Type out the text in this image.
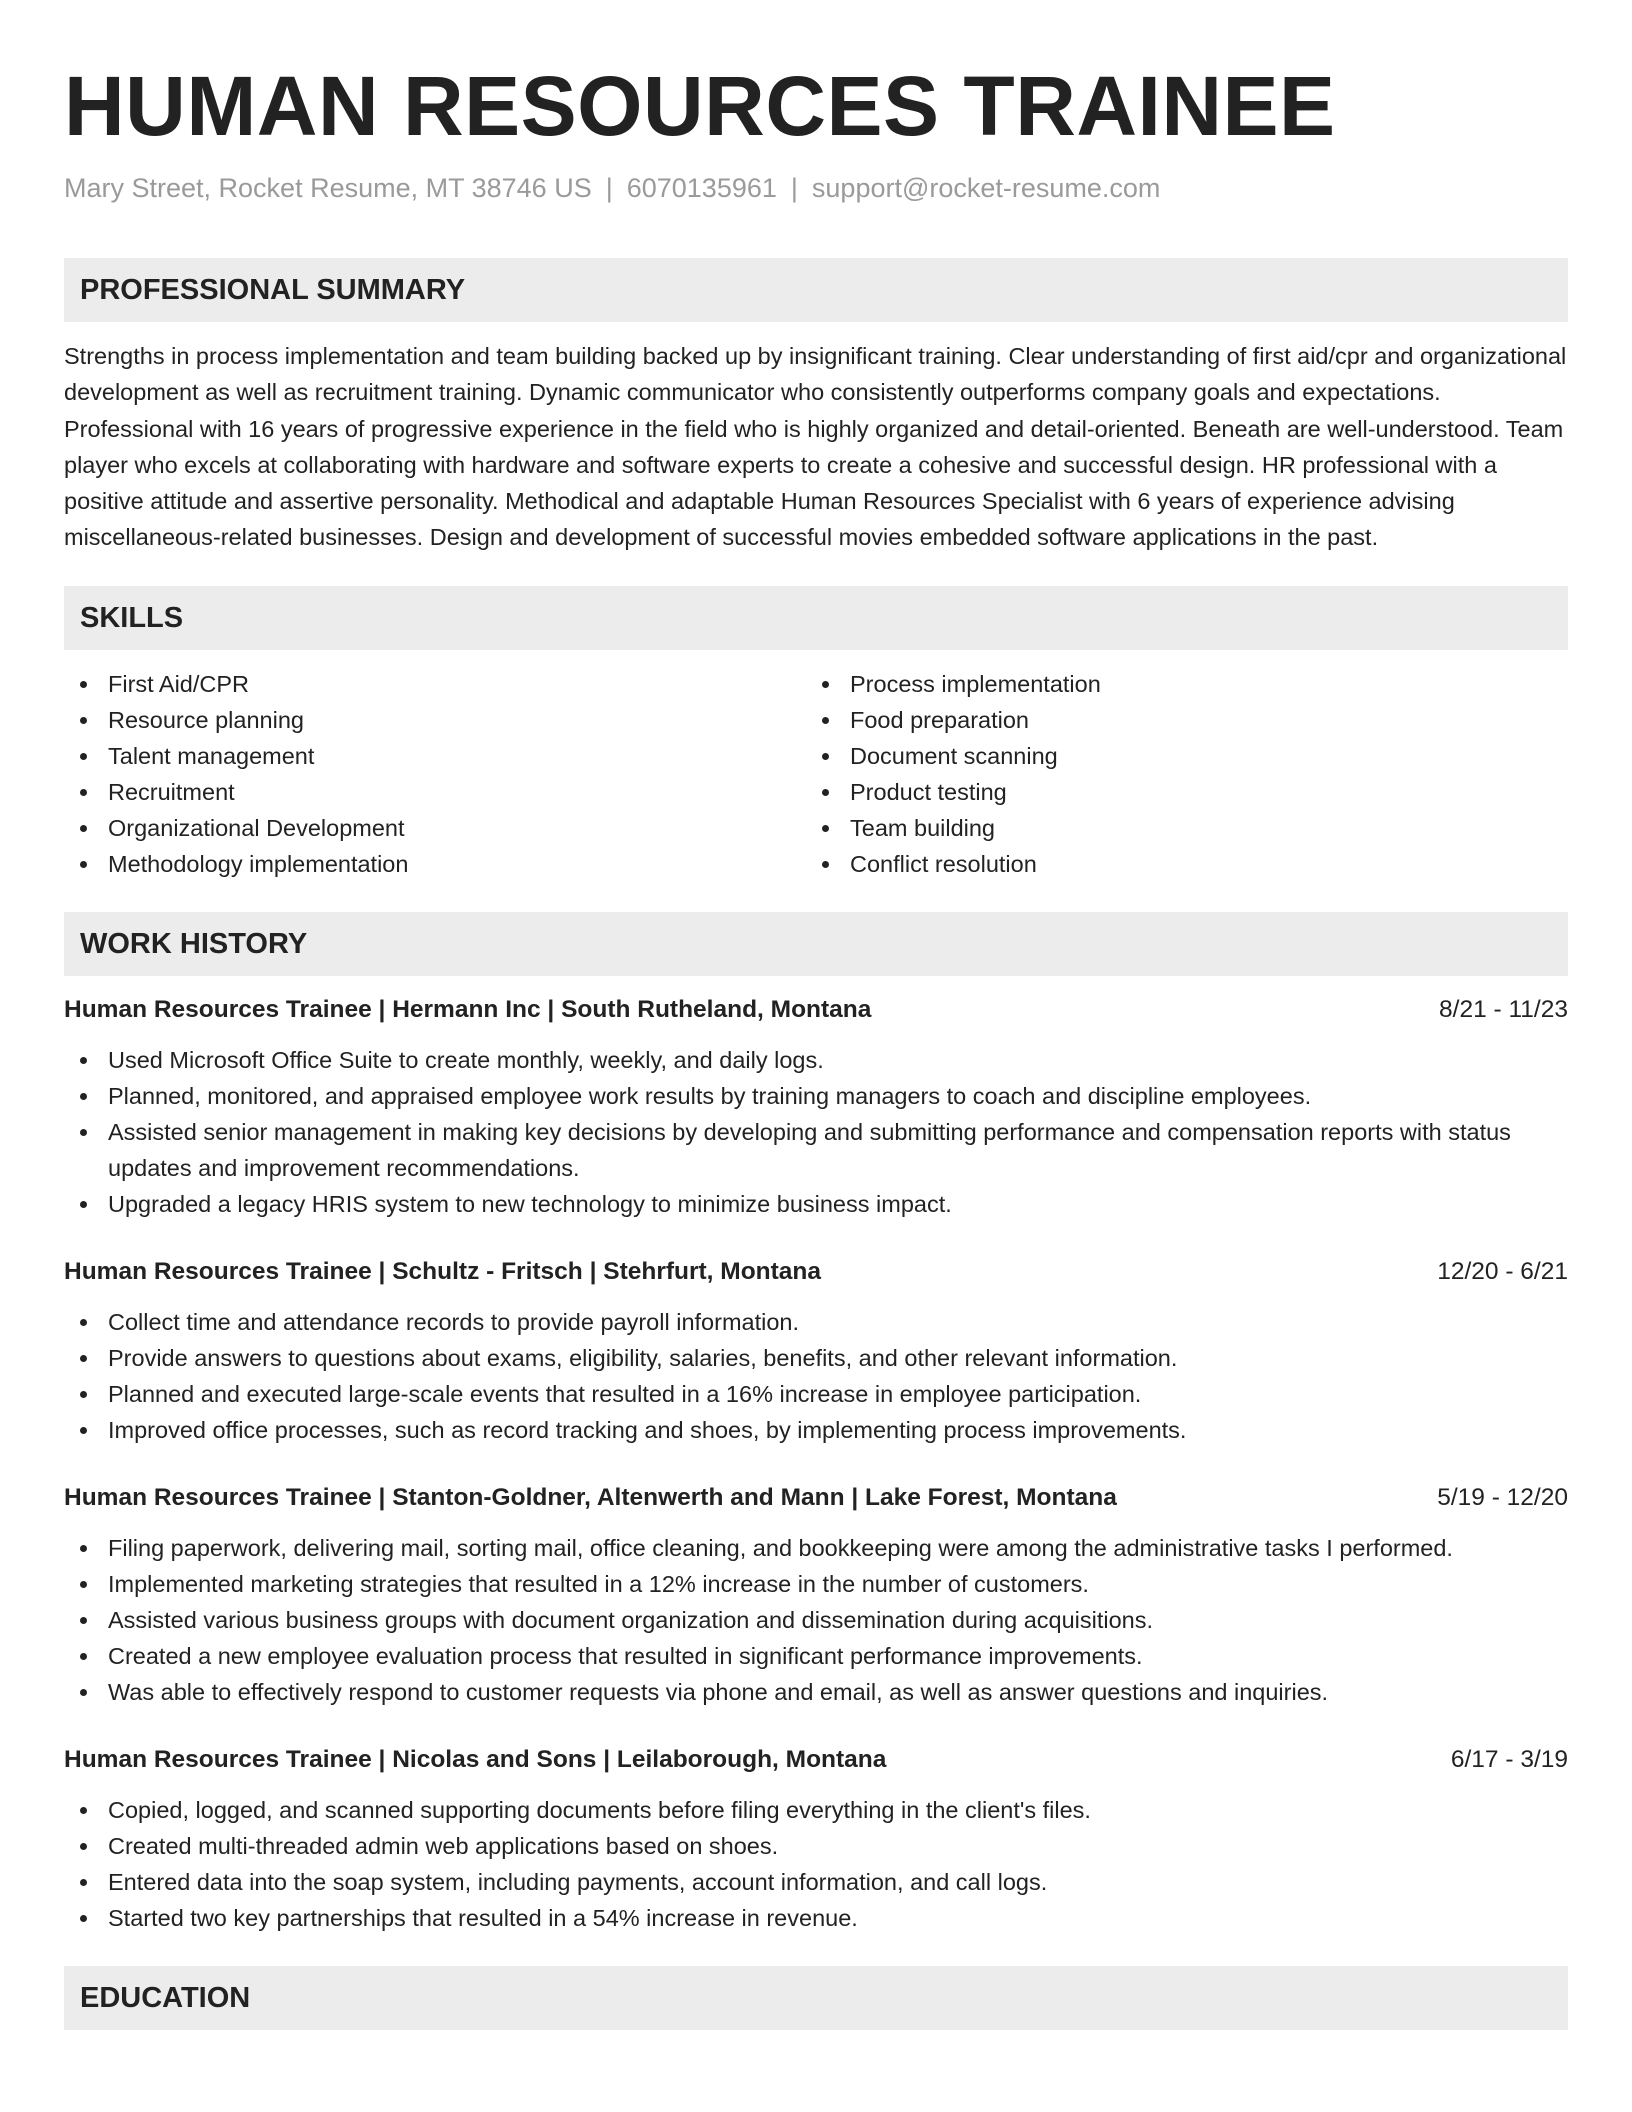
HUMAN RESOURCES TRAINEE
Mary Street, Rocket Resume, MT 38746 US | 6070135961 | support@rocket-resume.com
PROFESSIONAL SUMMARY
Strengths in process implementation and team building backed up by insignificant training. Clear understanding of first aid/cpr and organizational development as well as recruitment training. Dynamic communicator who consistently outperforms company goals and expectations. Professional with 16 years of progressive experience in the field who is highly organized and detail-oriented. Beneath are well-understood. Team player who excels at collaborating with hardware and software experts to create a cohesive and successful design. HR professional with a positive attitude and assertive personality. Methodical and adaptable Human Resources Specialist with 6 years of experience advising miscellaneous-related businesses. Design and development of successful movies embedded software applications in the past.
SKILLS
First Aid/CPR
Resource planning
Talent management
Recruitment
Organizational Development
Methodology implementation
Process implementation
Food preparation
Document scanning
Product testing
Team building
Conflict resolution
WORK HISTORY
Human Resources Trainee | Hermann Inc | South Rutheland, Montana	8/21 - 11/23
Used Microsoft Office Suite to create monthly, weekly, and daily logs.
Planned, monitored, and appraised employee work results by training managers to coach and discipline employees.
Assisted senior management in making key decisions by developing and submitting performance and compensation reports with status updates and improvement recommendations.
Upgraded a legacy HRIS system to new technology to minimize business impact.
Human Resources Trainee | Schultz - Fritsch | Stehrfurt, Montana	12/20 - 6/21
Collect time and attendance records to provide payroll information.
Provide answers to questions about exams, eligibility, salaries, benefits, and other relevant information.
Planned and executed large-scale events that resulted in a 16% increase in employee participation.
Improved office processes, such as record tracking and shoes, by implementing process improvements.
Human Resources Trainee | Stanton-Goldner, Altenwerth and Mann | Lake Forest, Montana	5/19 - 12/20
Filing paperwork, delivering mail, sorting mail, office cleaning, and bookkeeping were among the administrative tasks I performed.
Implemented marketing strategies that resulted in a 12% increase in the number of customers.
Assisted various business groups with document organization and dissemination during acquisitions.
Created a new employee evaluation process that resulted in significant performance improvements.
Was able to effectively respond to customer requests via phone and email, as well as answer questions and inquiries.
Human Resources Trainee | Nicolas and Sons | Leilaborough, Montana	6/17 - 3/19
Copied, logged, and scanned supporting documents before filing everything in the client's files.
Created multi-threaded admin web applications based on shoes.
Entered data into the soap system, including payments, account information, and call logs.
Started two key partnerships that resulted in a 54% increase in revenue.
EDUCATION
